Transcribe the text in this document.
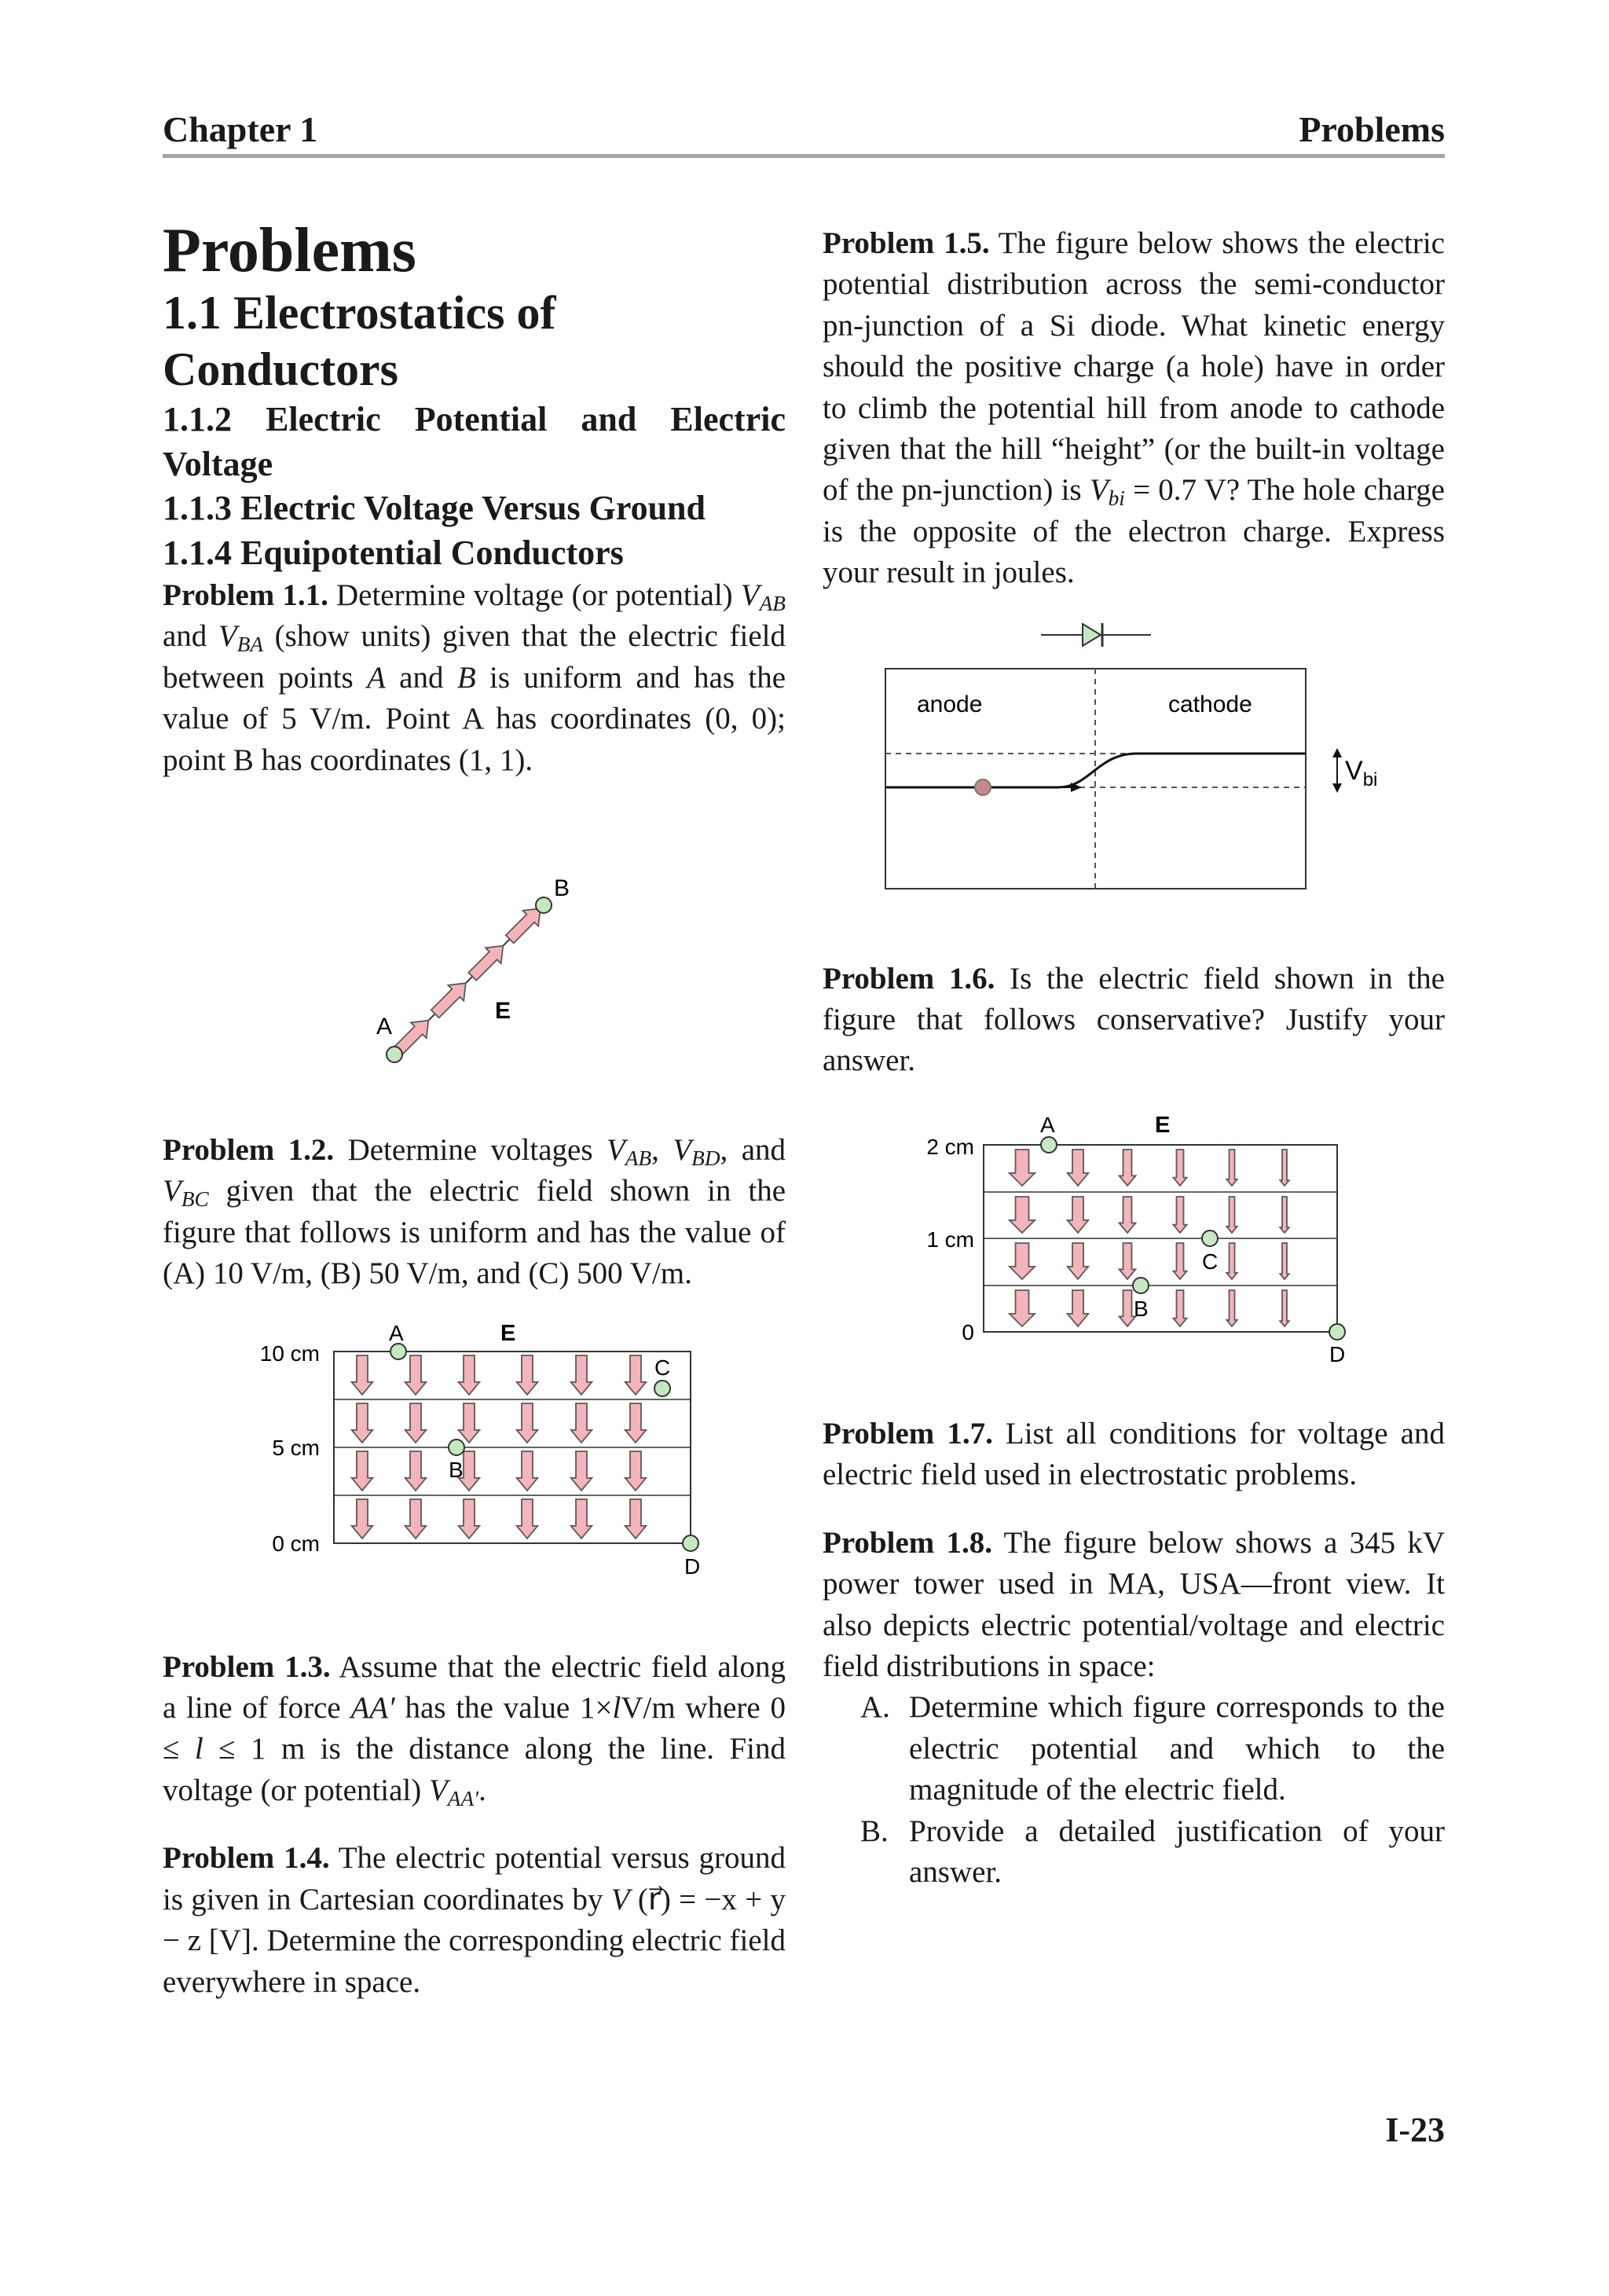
Chapter 1	Problems
Problems
1.1 Electrostatics of Conductors
1.1.2 Electric Potential and Electric Voltage
1.1.3 Electric Voltage Versus Ground
1.1.4 Equipotential Conductors

Problem 1.1. Determine voltage (or potential) $V_{AB}$ and $V_{BA}$ (show units) given that the electric field between points A and B is uniform and has the value of 5 V/m. Point A has coordinates (0, 0); point B has coordinates (1, 1).

A
B
E

Problem 1.2. Determine voltages $V_{AB}$, $V_{BD}$, and $V_{BC}$ given that the electric field shown in the figure that follows is uniform and has the value of (A) 10 V/m, (B) 50 V/m, and (C) 500 V/m.

10 cm
5 cm
0 cm
A	E
B
C
D

Problem 1.3. Assume that the electric field along a line of force AA′ has the value 1×lV/m where 0 ≤ l ≤ 1 m is the distance along the line. Find voltage (or potential) $V_{AA'}$.

Problem 1.4. The electric potential versus ground is given in Cartesian coordinates by V (r⃗) = −x + y − z [V]. Determine the corresponding electric field everywhere in space.

Problem 1.5. The figure below shows the electric potential distribution across the semi-conductor pn-junction of a Si diode. What kinetic energy should the positive charge (a hole) have in order to climb the potential hill from anode to cathode given that the hill “height” (or the built-in voltage of the pn-junction) is $V_{bi} = 0.7$ V? The hole charge is the opposite of the electron charge. Express your result in joules.

anode	cathode
$V_{bi}$

Problem 1.6. Is the electric field shown in the figure that follows conservative? Justify your answer.

2 cm
1 cm
0
A	E
B
C
D

Problem 1.7. List all conditions for voltage and electric field used in electrostatic problems.

Problem 1.8. The figure below shows a 345 kV power tower used in MA, USA—front view. It also depicts electric potential/voltage and electric field distributions in space:

A. Determine which figure corresponds to the electric potential and which to the magnitude of the electric field.
B. Provide a detailed justification of your answer.
I-23
